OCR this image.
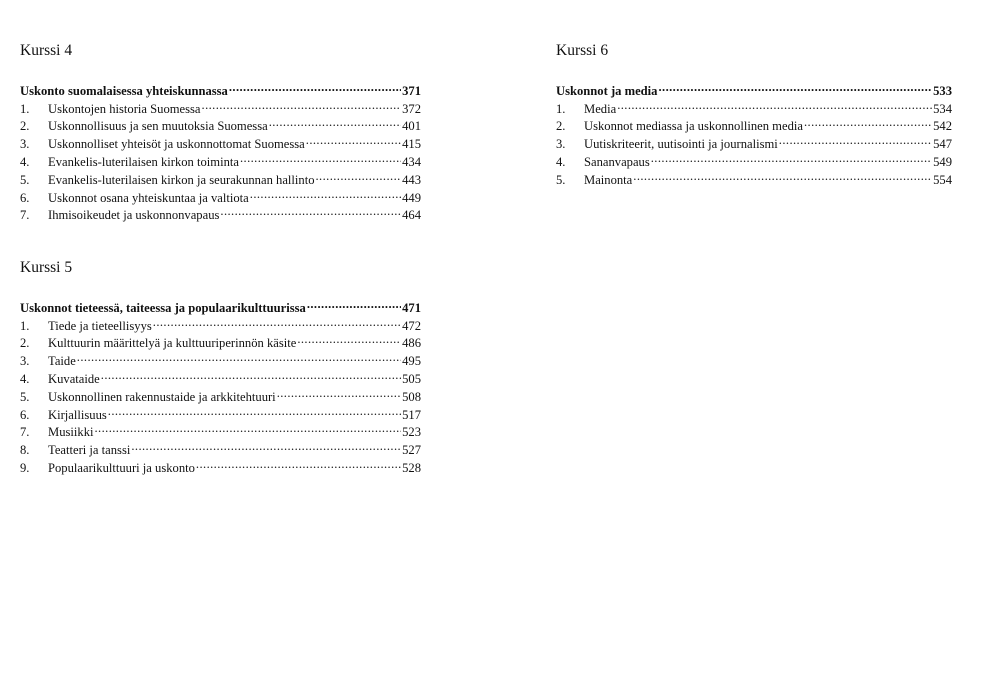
Kurssi 4
Uskonto suomalaisessa yhteiskunnassa .....	371
1.	Uskontojen historia Suomessa .....	372
2.	Uskonnollisuus ja sen muutoksia Suomessa .....	401
3.	Uskonnolliset yhteisöt ja uskonnottomat Suomessa .....	415
4.	Evankelis-luterilaisen kirkon toiminta .....	434
5.	Evankelis-luterilaisen kirkon ja seurakunnan hallinto .....	443
6.	Uskonnot osana yhteiskuntaa ja valtiota .....	449
7.	Ihmisoikeudet ja uskonnonvapaus .....	464
Kurssi 5
Uskonnot tieteessä, taiteessa ja populaarikulttuurissa .....	471
1.	Tiede ja tieteellisyys .....	472
2.	Kulttuurin määrittelyä ja kulttuuriperinnön käsite .....	486
3.	Taide .....	495
4.	Kuvataide .....	505
5.	Uskonnollinen rakennustaide ja arkkitehtuuri .....	508
6.	Kirjallisuus .....	517
7.	Musiikki .....	523
8.	Teatteri ja tanssi .....	527
9.	Populaarikulttuuri ja uskonto .....	528
Kurssi 6
Uskonnot ja media .....	533
1.	Media .....	534
2.	Uskonnot mediassa ja uskonnollinen media .....	542
3.	Uutiskriteerit, uutisointi ja journalismi .....	547
4.	Sananvapaus .....	549
5.	Mainonta .....	554
